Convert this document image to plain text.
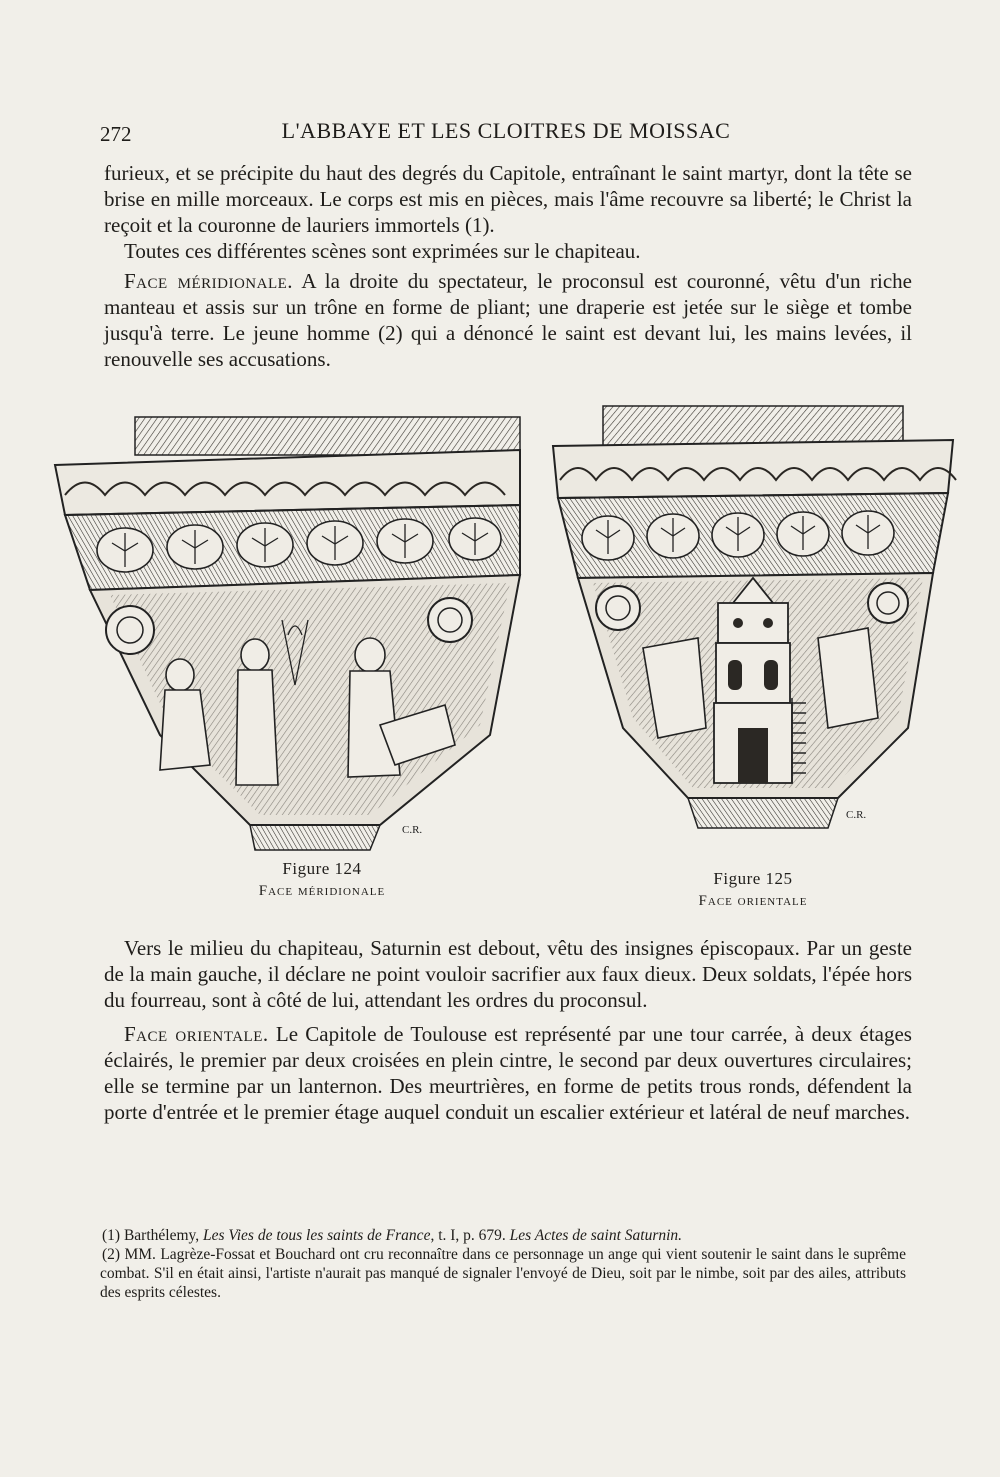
272	L'ABBAYE ET LES CLOITRES DE MOISSAC

furieux, et se précipite du haut des degrés du Capitole, entraînant le saint martyr, dont la tête se brise en mille morceaux. Le corps est mis en pièces, mais l'âme recouvre sa liberté; le Christ la reçoit et la couronne de lauriers immortels (1).

Toutes ces différentes scènes sont exprimées sur le chapiteau.

Face méridionale. A la droite du spectateur, le proconsul est couronné, vêtu d'un riche manteau et assis sur un trône en forme de pliant; une draperie est jetée sur le siège et tombe jusqu'à terre. Le jeune homme (2) qui a dénoncé le saint est devant lui, les mains levées, il renouvelle ses accusations.

C.R.
Figure 124
Face méridionale
C.R.
Figure 125
Face orientale

Vers le milieu du chapiteau, Saturnin est debout, vêtu des insignes épiscopaux. Par un geste de la main gauche, il déclare ne point vouloir sacrifier aux faux dieux. Deux soldats, l'épée hors du fourreau, sont à côté de lui, attendant les ordres du proconsul.

Face orientale. Le Capitole de Toulouse est représenté par une tour carrée, à deux étages éclairés, le premier par deux croisées en plein cintre, le second par deux ouvertures circulaires; elle se termine par un lanternon. Des meurtrières, en forme de petits trous ronds, défendent la porte d'entrée et le premier étage auquel conduit un escalier extérieur et latéral de neuf marches.

(1) Barthélemy, Les Vies de tous les saints de France, t. I, p. 679. Les Actes de saint Saturnin.

(2) MM. Lagrèze-Fossat et Bouchard ont cru reconnaître dans ce personnage un ange qui vient soutenir le saint dans le suprême combat. S'il en était ainsi, l'artiste n'aurait pas manqué de signaler l'envoyé de Dieu, soit par le nimbe, soit par des ailes, attributs des esprits célestes.
